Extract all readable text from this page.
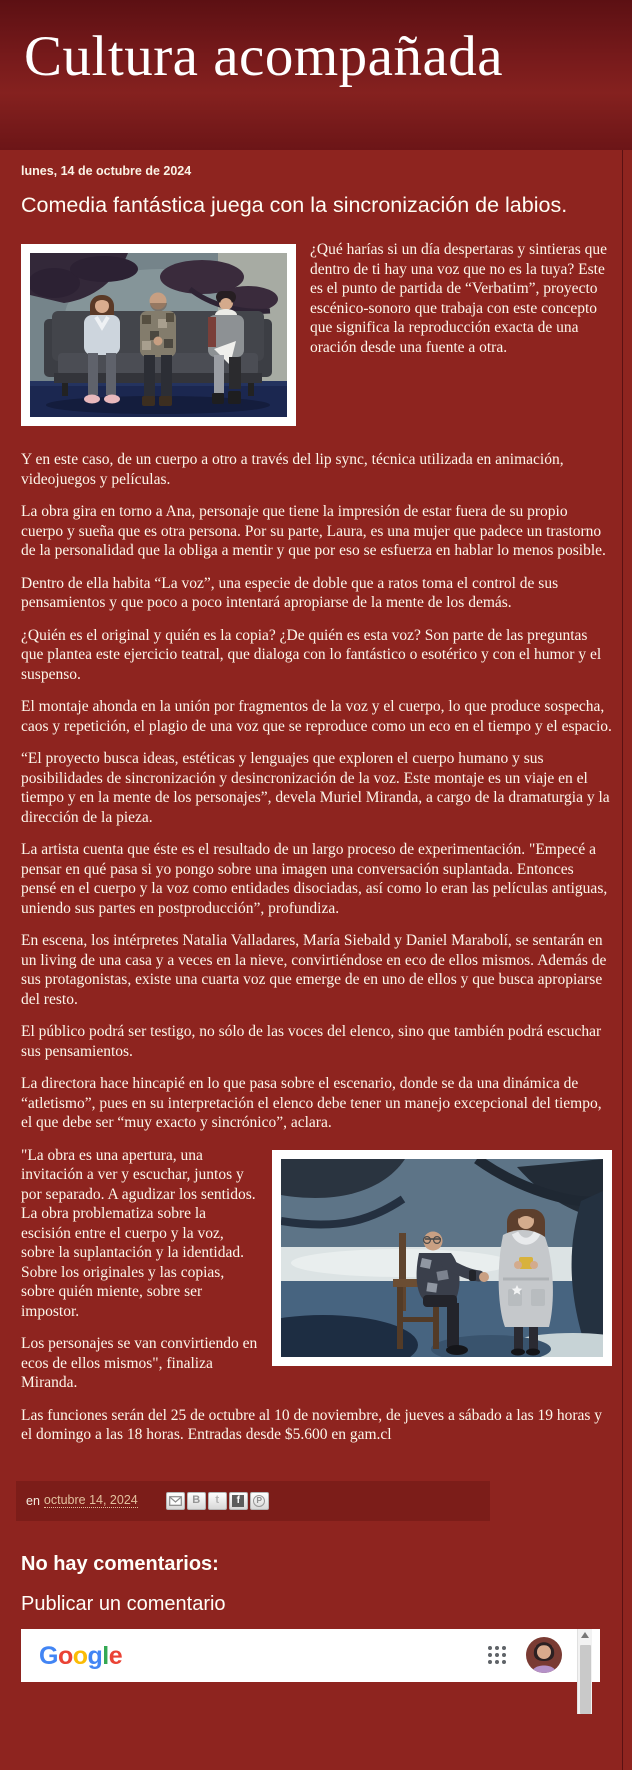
Cultura acompañada
lunes, 14 de octubre de 2024
Comedia fantástica juega con la sincronización de labios.

¿Qué harías si un día despertaras y sintieras que dentro de ti hay una voz que no es la tuya? Este es el punto de partida de “Verbatim”, proyecto escénico-sonoro que trabaja con este concepto que significa la reproducción exacta de una oración desde una fuente a otra.

Y en este caso, de un cuerpo a otro a través del lip sync, técnica utilizada en animación, videojuegos y películas.

La obra gira en torno a Ana, personaje que tiene la impresión de estar fuera de su propio cuerpo y sueña que es otra persona. Por su parte, Laura, es una mujer que padece un trastorno de la personalidad que la obliga a mentir y que por eso se esfuerza en hablar lo menos posible.

Dentro de ella habita “La voz”, una especie de doble que a ratos toma el control de sus pensamientos y que poco a poco intentará apropiarse de la mente de los demás.

¿Quién es el original y quién es la copia? ¿De quién es esta voz? Son parte de las preguntas que plantea este ejercicio teatral, que dialoga con lo fantástico o esotérico y con el humor y el suspenso.

El montaje ahonda en la unión por fragmentos de la voz y el cuerpo, lo que produce sospecha, caos y repetición, el plagio de una voz que se reproduce como un eco en el tiempo y el espacio.

“El proyecto busca ideas, estéticas y lenguajes que exploren el cuerpo humano y sus posibilidades de sincronización y desincronización de la voz. Este montaje es un viaje en el tiempo y en la mente de los personajes”, devela Muriel Miranda, a cargo de la dramaturgia y la dirección de la pieza.

La artista cuenta que éste es el resultado de un largo proceso de experimentación. "Empecé a pensar en qué pasa si yo pongo sobre una imagen una conversación suplantada. Entonces pensé en el cuerpo y la voz como entidades disociadas, así como lo eran las películas antiguas, uniendo sus partes en postproducción”, profundiza.

En escena, los intérpretes Natalia Valladares, María Siebald y Daniel Marabolí, se sentarán en un living de una casa y a veces en la nieve, convirtiéndose en eco de ellos mismos. Además de sus protagonistas, existe una cuarta voz que emerge de en uno de ellos y que busca apropiarse del resto.

El público podrá ser testigo, no sólo de las voces del elenco, sino que también podrá escuchar sus pensamientos.

La directora hace hincapié en lo que pasa sobre el escenario, donde se da una dinámica de “atletismo”, pues en su interpretación el elenco debe tener un manejo excepcional del tiempo, el que debe ser “muy exacto y sincrónico”, aclara.

"La obra es una apertura, una invitación a ver y escuchar, juntos y por separado. A agudizar los sentidos. La obra problematiza sobre la escisión entre el cuerpo y la voz, sobre la suplantación y la identidad. Sobre los originales y las copias, sobre quién miente, sobre ser impostor.

Los personajes se van convirtiendo en ecos de ellos mismos", finaliza Miranda.

Las funciones serán del 25 de octubre al 10 de noviembre, de jueves a sábado a las 19 horas y el domingo a las 18 horas. Entradas desde $5.600 en gam.cl

en octubre 14, 2024	B t	f	P
No hay comentarios:
Publicar un comentario
Google
